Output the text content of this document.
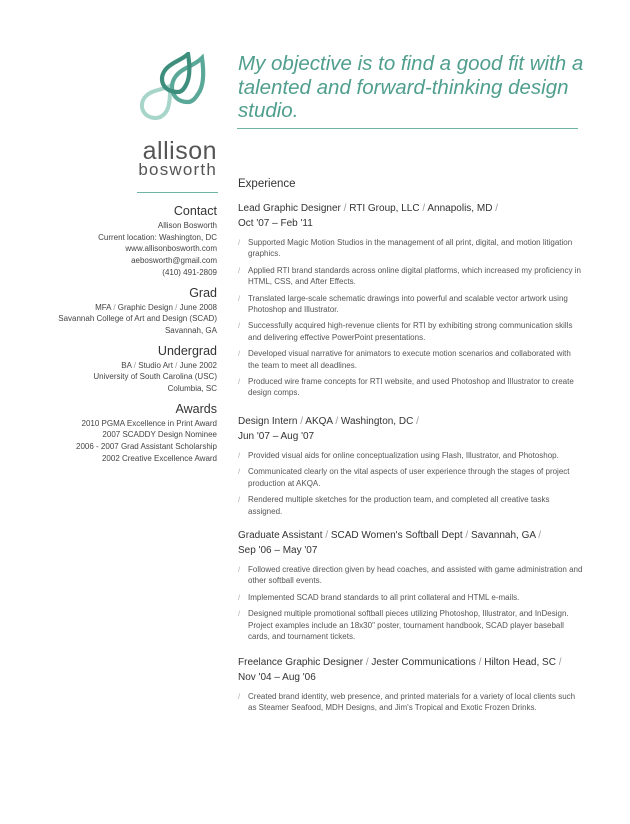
allison
bosworth
Contact
Allison Bosworth
Current location: Washington, DC
www.allisonbosworth.com
aebosworth@gmail.com
(410) 491-2809
Grad
MFA / Graphic Design / June 2008
Savannah College of Art and Design (SCAD)
Savannah, GA
Undergrad
BA / Studio Art / June 2002
University of South Carolina (USC)
Columbia, SC
Awards
2010 PGMA Excellence in Print Award
2007 SCADDY Design Nominee
2006 - 2007 Grad Assistant Scholarship
2002 Creative Excellence Award
My objective is to find a good fit with a talented and forward-thinking design studio.
Experience
Lead Graphic Designer / RTI Group, LLC / Annapolis, MD /
Oct '07 – Feb '11
/ Supported Magic Motion Studios in the management of all print, digital, and motion litigation graphics.
/ Applied RTI brand standards across online digital platforms, which increased my proficiency in HTML, CSS, and After Effects.
/ Translated large-scale schematic drawings into powerful and scalable vector artwork using Photoshop and Illustrator.
/ Successfully acquired high-revenue clients for RTI by exhibiting strong communication skills and delivering effective PowerPoint presentations.
/ Developed visual narrative for animators to execute motion scenarios and collaborated with the team to meet all deadlines.
/ Produced wire frame concepts for RTI website, and used Photoshop and Illustrator to create design comps.
Design Intern / AKQA / Washington, DC /
Jun '07 – Aug '07
/ Provided visual aids for online conceptualization using Flash, Illustrator, and Photoshop.
/ Communicated clearly on the vital aspects of user experience through the stages of project production at AKQA.
/ Rendered multiple sketches for the production team, and completed all creative tasks assigned.
Graduate Assistant / SCAD Women's Softball Dept / Savannah, GA /
Sep '06 – May '07
/ Followed creative direction given by head coaches, and assisted with game administration and other softball events.
/ Implemented SCAD brand standards to all print collateral and HTML e-mails.
/ Designed multiple promotional softball pieces utilizing Photoshop, Illustrator, and InDesign. Project examples include an 18x30" poster, tournament handbook, SCAD player baseball cards, and tournament tickets.
Freelance Graphic Designer / Jester Communications / Hilton Head, SC /
Nov '04 – Aug '06
/ Created brand identity, web presence, and printed materials for a variety of local clients such as Steamer Seafood, MDH Designs, and Jim's Tropical and Exotic Frozen Drinks.
